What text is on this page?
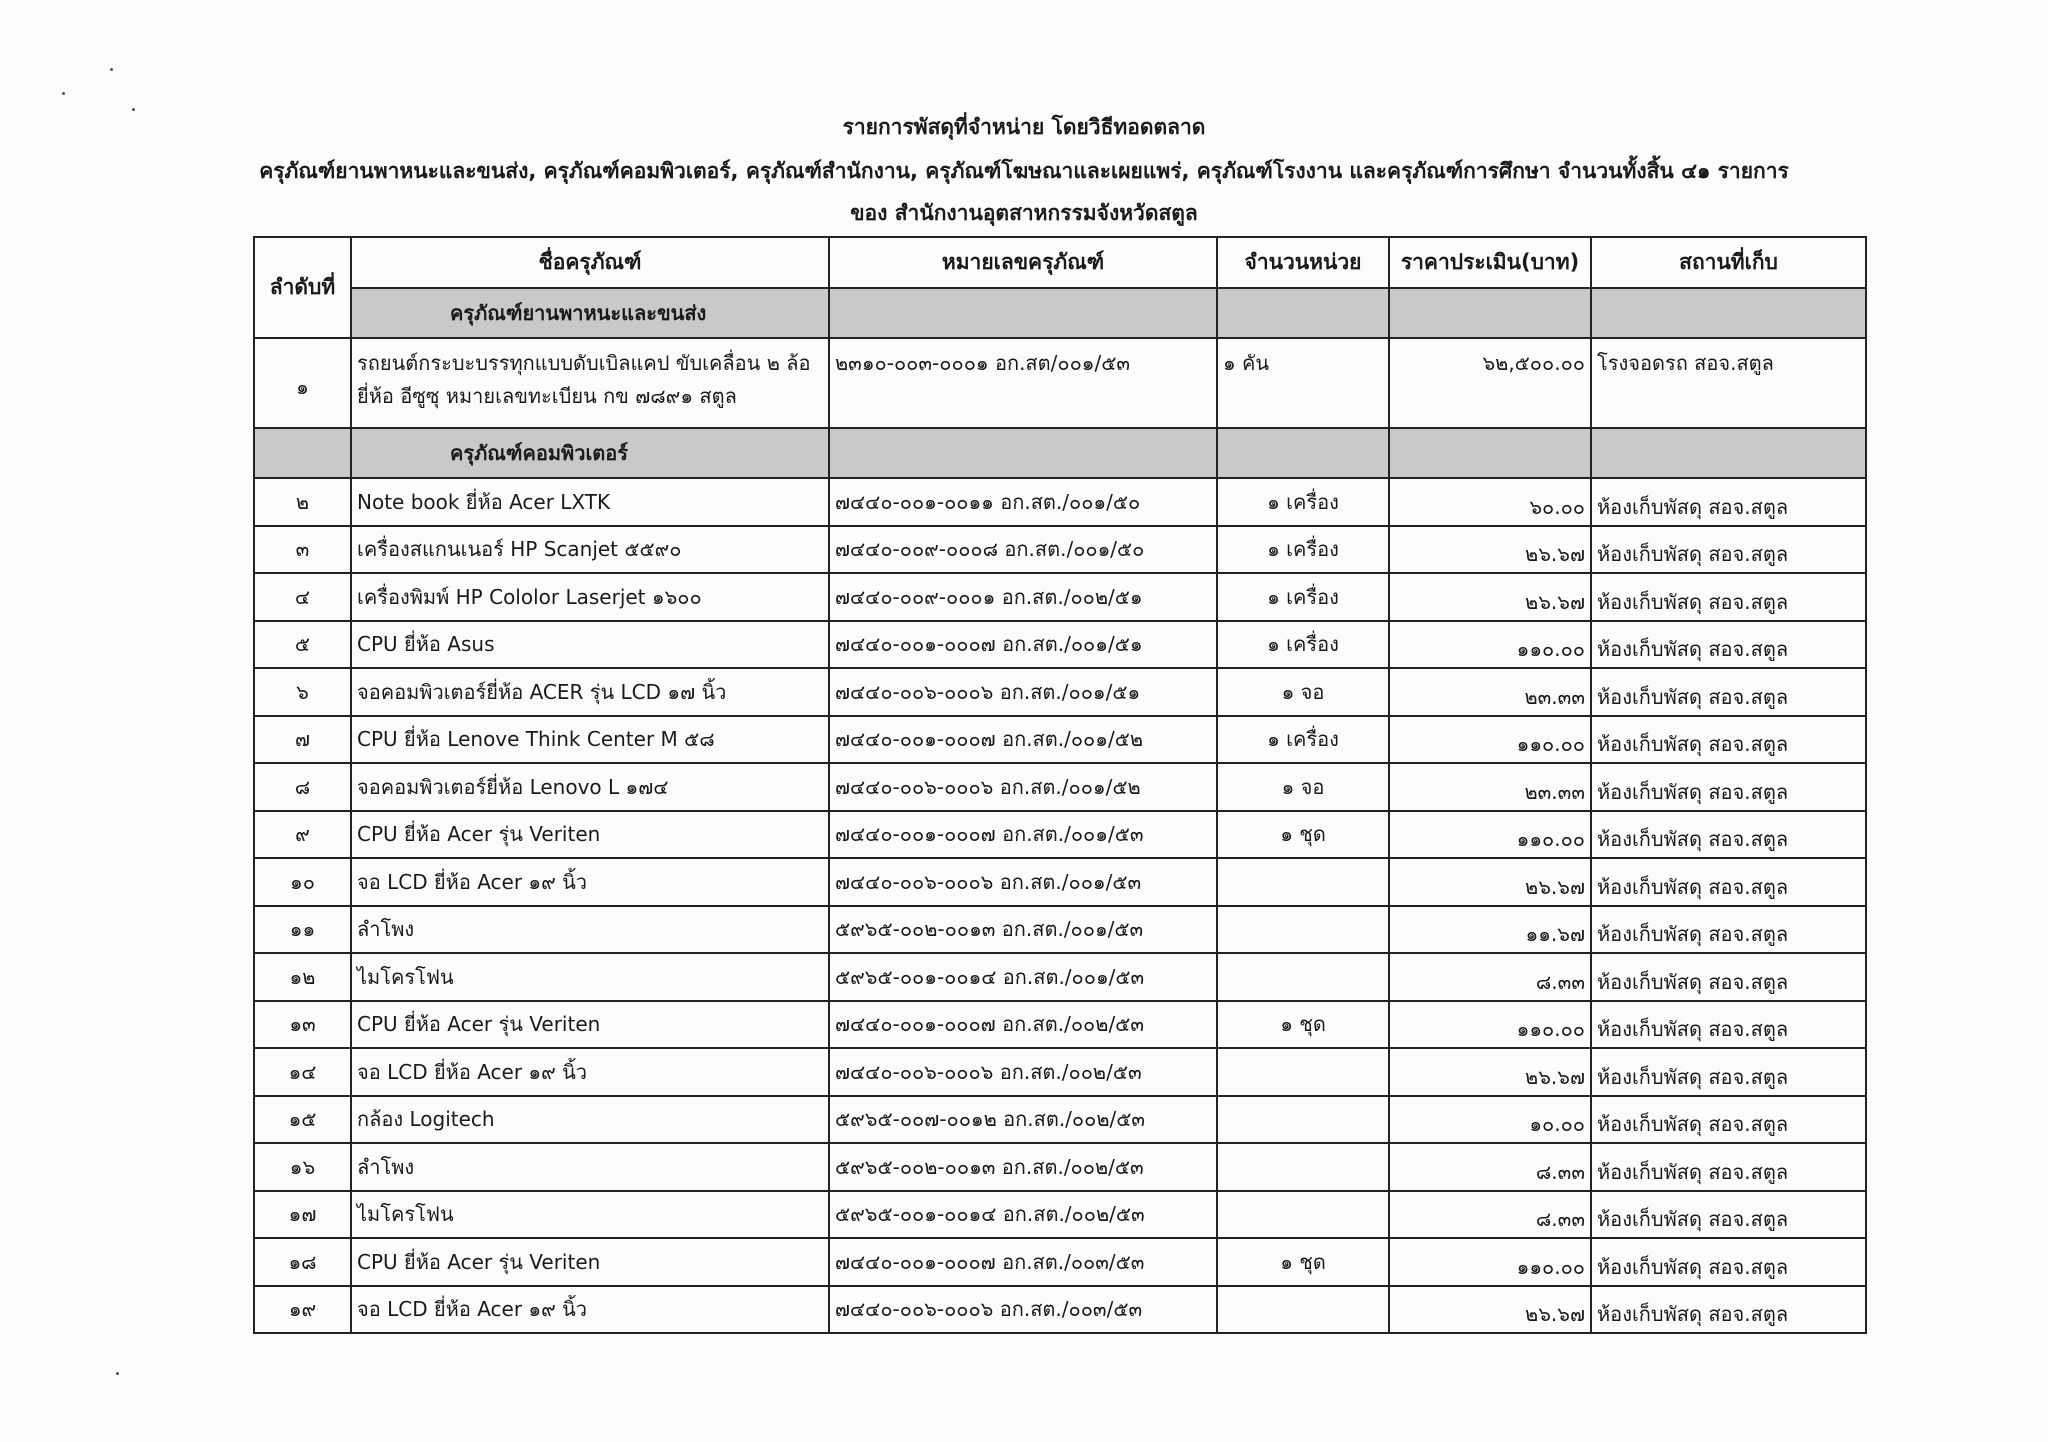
รายการพัสดุที่จำหน่าย โดยวิธีทอดตลาด
ครุภัณฑ์ยานพาหนะและขนส่ง, ครุภัณฑ์คอมพิวเตอร์, ครุภัณฑ์สำนักงาน, ครุภัณฑ์โฆษณาและเผยแพร่, ครุภัณฑ์โรงงาน และครุภัณฑ์การศึกษา จำนวนทั้งสิ้น ๔๑ รายการ
ของ สำนักงานอุตสาหกรรมจังหวัดสตูล
ลำดับที่	ชื่อครุภัณฑ์	หมายเลขครุภัณฑ์	จำนวนหน่วย	ราคาประเมิน(บาท)	สถานที่เก็บ
	ครุภัณฑ์ยานพาหนะและขนส่ง				
๑	รถยนต์กระบะบรรทุกแบบดับเบิลแคป ขับเคลื่อน ๒ ล้อ ยี่ห้อ อีซูซุ หมายเลขทะเบียน กข ๗๘๙๑ สตูล	๒๓๑๐-๐๐๓-๐๐๐๑ อก.สต/๐๐๑/๕๓	๑ คัน	๖๒,๕๐๐.๐๐	โรงจอดรถ สอจ.สตูล
	ครุภัณฑ์คอมพิวเตอร์				
๒	Note book ยี่ห้อ Acer LXTK	๗๔๔๐-๐๐๑-๐๐๑๑ อก.สต./๐๐๑/๕๐	๑ เครื่อง	๖๐.๐๐	ห้องเก็บพัสดุ สอจ.สตูล
๓	เครื่องสแกนเนอร์ HP Scanjet ๕๕๙๐	๗๔๔๐-๐๐๙-๐๐๐๘ อก.สต./๐๐๑/๕๐	๑ เครื่อง	๒๖.๖๗	ห้องเก็บพัสดุ สอจ.สตูล
๔	เครื่องพิมพ์ HP Cololor Laserjet ๑๖๐๐	๗๔๔๐-๐๐๙-๐๐๐๑ อก.สต./๐๐๒/๕๑	๑ เครื่อง	๒๖.๖๗	ห้องเก็บพัสดุ สอจ.สตูล
๕	CPU ยี่ห้อ Asus	๗๔๔๐-๐๐๑-๐๐๐๗ อก.สต./๐๐๑/๕๑	๑ เครื่อง	๑๑๐.๐๐	ห้องเก็บพัสดุ สอจ.สตูล
๖	จอคอมพิวเตอร์ยี่ห้อ ACER รุ่น LCD ๑๗ นิ้ว	๗๔๔๐-๐๐๖-๐๐๐๖ อก.สต./๐๐๑/๕๑	๑ จอ	๒๓.๓๓	ห้องเก็บพัสดุ สอจ.สตูล
๗	CPU ยี่ห้อ Lenove Think Center M ๕๘	๗๔๔๐-๐๐๑-๐๐๐๗ อก.สต./๐๐๑/๕๒	๑ เครื่อง	๑๑๐.๐๐	ห้องเก็บพัสดุ สอจ.สตูล
๘	จอคอมพิวเตอร์ยี่ห้อ Lenovo L ๑๗๔	๗๔๔๐-๐๐๖-๐๐๐๖ อก.สต./๐๐๑/๕๒	๑ จอ	๒๓.๓๓	ห้องเก็บพัสดุ สอจ.สตูล
๙	CPU ยี่ห้อ Acer รุ่น Veriten	๗๔๔๐-๐๐๑-๐๐๐๗ อก.สต./๐๐๑/๕๓	๑ ชุด	๑๑๐.๐๐	ห้องเก็บพัสดุ สอจ.สตูล
๑๐	จอ LCD ยี่ห้อ Acer ๑๙ นิ้ว	๗๔๔๐-๐๐๖-๐๐๐๖ อก.สต./๐๐๑/๕๓		๒๖.๖๗	ห้องเก็บพัสดุ สอจ.สตูล
๑๑	ลำโพง	๕๙๖๕-๐๐๒-๐๐๑๓ อก.สต./๐๐๑/๕๓		๑๑.๖๗	ห้องเก็บพัสดุ สอจ.สตูล
๑๒	ไมโครโฟน	๕๙๖๕-๐๐๑-๐๐๑๔ อก.สต./๐๐๑/๕๓		๘.๓๓	ห้องเก็บพัสดุ สอจ.สตูล
๑๓	CPU ยี่ห้อ Acer รุ่น Veriten	๗๔๔๐-๐๐๑-๐๐๐๗ อก.สต./๐๐๒/๕๓	๑ ชุด	๑๑๐.๐๐	ห้องเก็บพัสดุ สอจ.สตูล
๑๔	จอ LCD ยี่ห้อ Acer ๑๙ นิ้ว	๗๔๔๐-๐๐๖-๐๐๐๖ อก.สต./๐๐๒/๕๓		๒๖.๖๗	ห้องเก็บพัสดุ สอจ.สตูล
๑๕	กล้อง Logitech	๕๙๖๕-๐๐๗-๐๐๑๒ อก.สต./๐๐๒/๕๓		๑๐.๐๐	ห้องเก็บพัสดุ สอจ.สตูล
๑๖	ลำโพง	๕๙๖๕-๐๐๒-๐๐๑๓ อก.สต./๐๐๒/๕๓		๘.๓๓	ห้องเก็บพัสดุ สอจ.สตูล
๑๗	ไมโครโฟน	๕๙๖๕-๐๐๑-๐๐๑๔ อก.สต./๐๐๒/๕๓		๘.๓๓	ห้องเก็บพัสดุ สอจ.สตูล
๑๘	CPU ยี่ห้อ Acer รุ่น Veriten	๗๔๔๐-๐๐๑-๐๐๐๗ อก.สต./๐๐๓/๕๓	๑ ชุด	๑๑๐.๐๐	ห้องเก็บพัสดุ สอจ.สตูล
๑๙	จอ LCD ยี่ห้อ Acer ๑๙ นิ้ว	๗๔๔๐-๐๐๖-๐๐๐๖ อก.สต./๐๐๓/๕๓		๒๖.๖๗	ห้องเก็บพัสดุ สอจ.สตูล
